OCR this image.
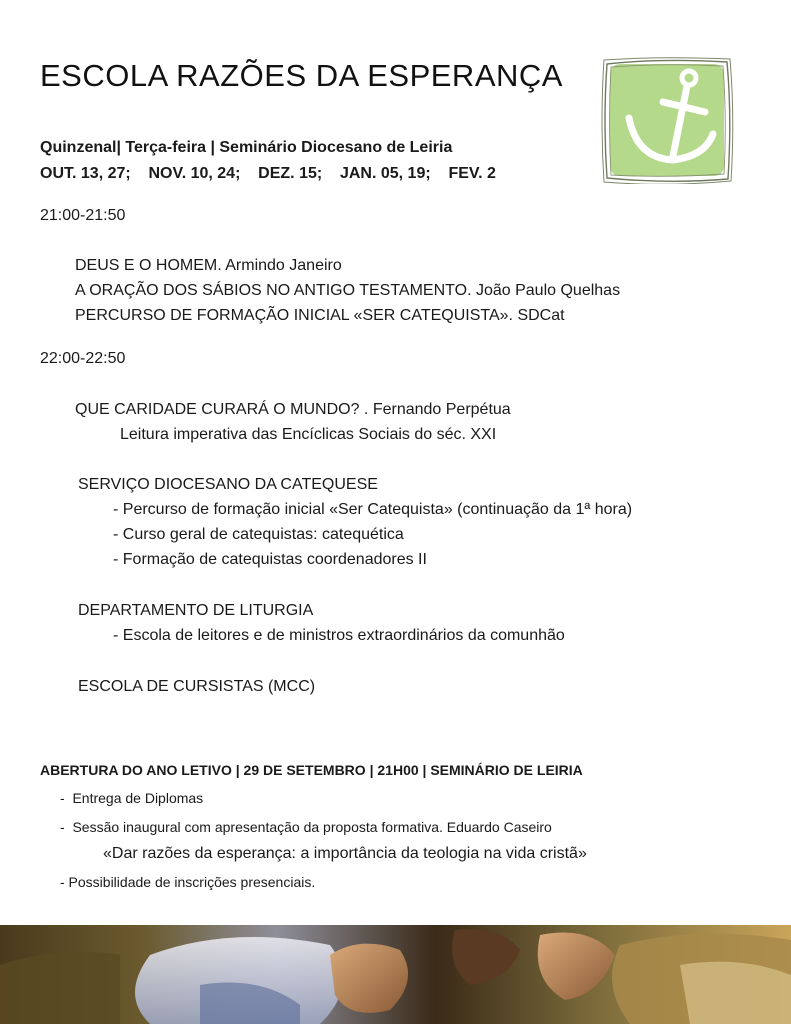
ESCOLA RAZÕES DA ESPERANÇA
Quinzenal| Terça-feira | Seminário Diocesano de Leiria
OUT. 13, 27;    NOV. 10, 24;    DEZ. 15;    JAN. 05, 19;    FEV. 2
21:00-21:50
DEUS E O HOMEM. Armindo Janeiro
A ORAÇÃO DOS SÁBIOS NO ANTIGO TESTAMENTO. João Paulo Quelhas
PERCURSO DE FORMAÇÃO INICIAL «SER CATEQUISTA». SDCat
22:00-22:50
QUE CARIDADE CURARÁ O MUNDO? . Fernando Perpétua
Leitura imperativa das Encíclicas Sociais do séc. XXI
SERVIÇO DIOCESANO DA CATEQUESE
- Percurso de formação inicial «Ser Catequista» (continuação da 1ª hora)
- Curso geral de catequistas: catequética
- Formação de catequistas coordenadores II
DEPARTAMENTO DE LITURGIA
- Escola de leitores e de ministros extraordinários da comunhão
ESCOLA DE CURSISTAS (MCC)
ABERTURA DO ANO LETIVO | 29 DE SETEMBRO | 21H00 | SEMINÁRIO DE LEIRIA
-  Entrega de Diplomas
-  Sessão inaugural com apresentação da proposta formativa. Eduardo Caseiro
«Dar razões da esperança: a importância da teologia na vida cristã»
- Possibilidade de inscrições presenciais.
